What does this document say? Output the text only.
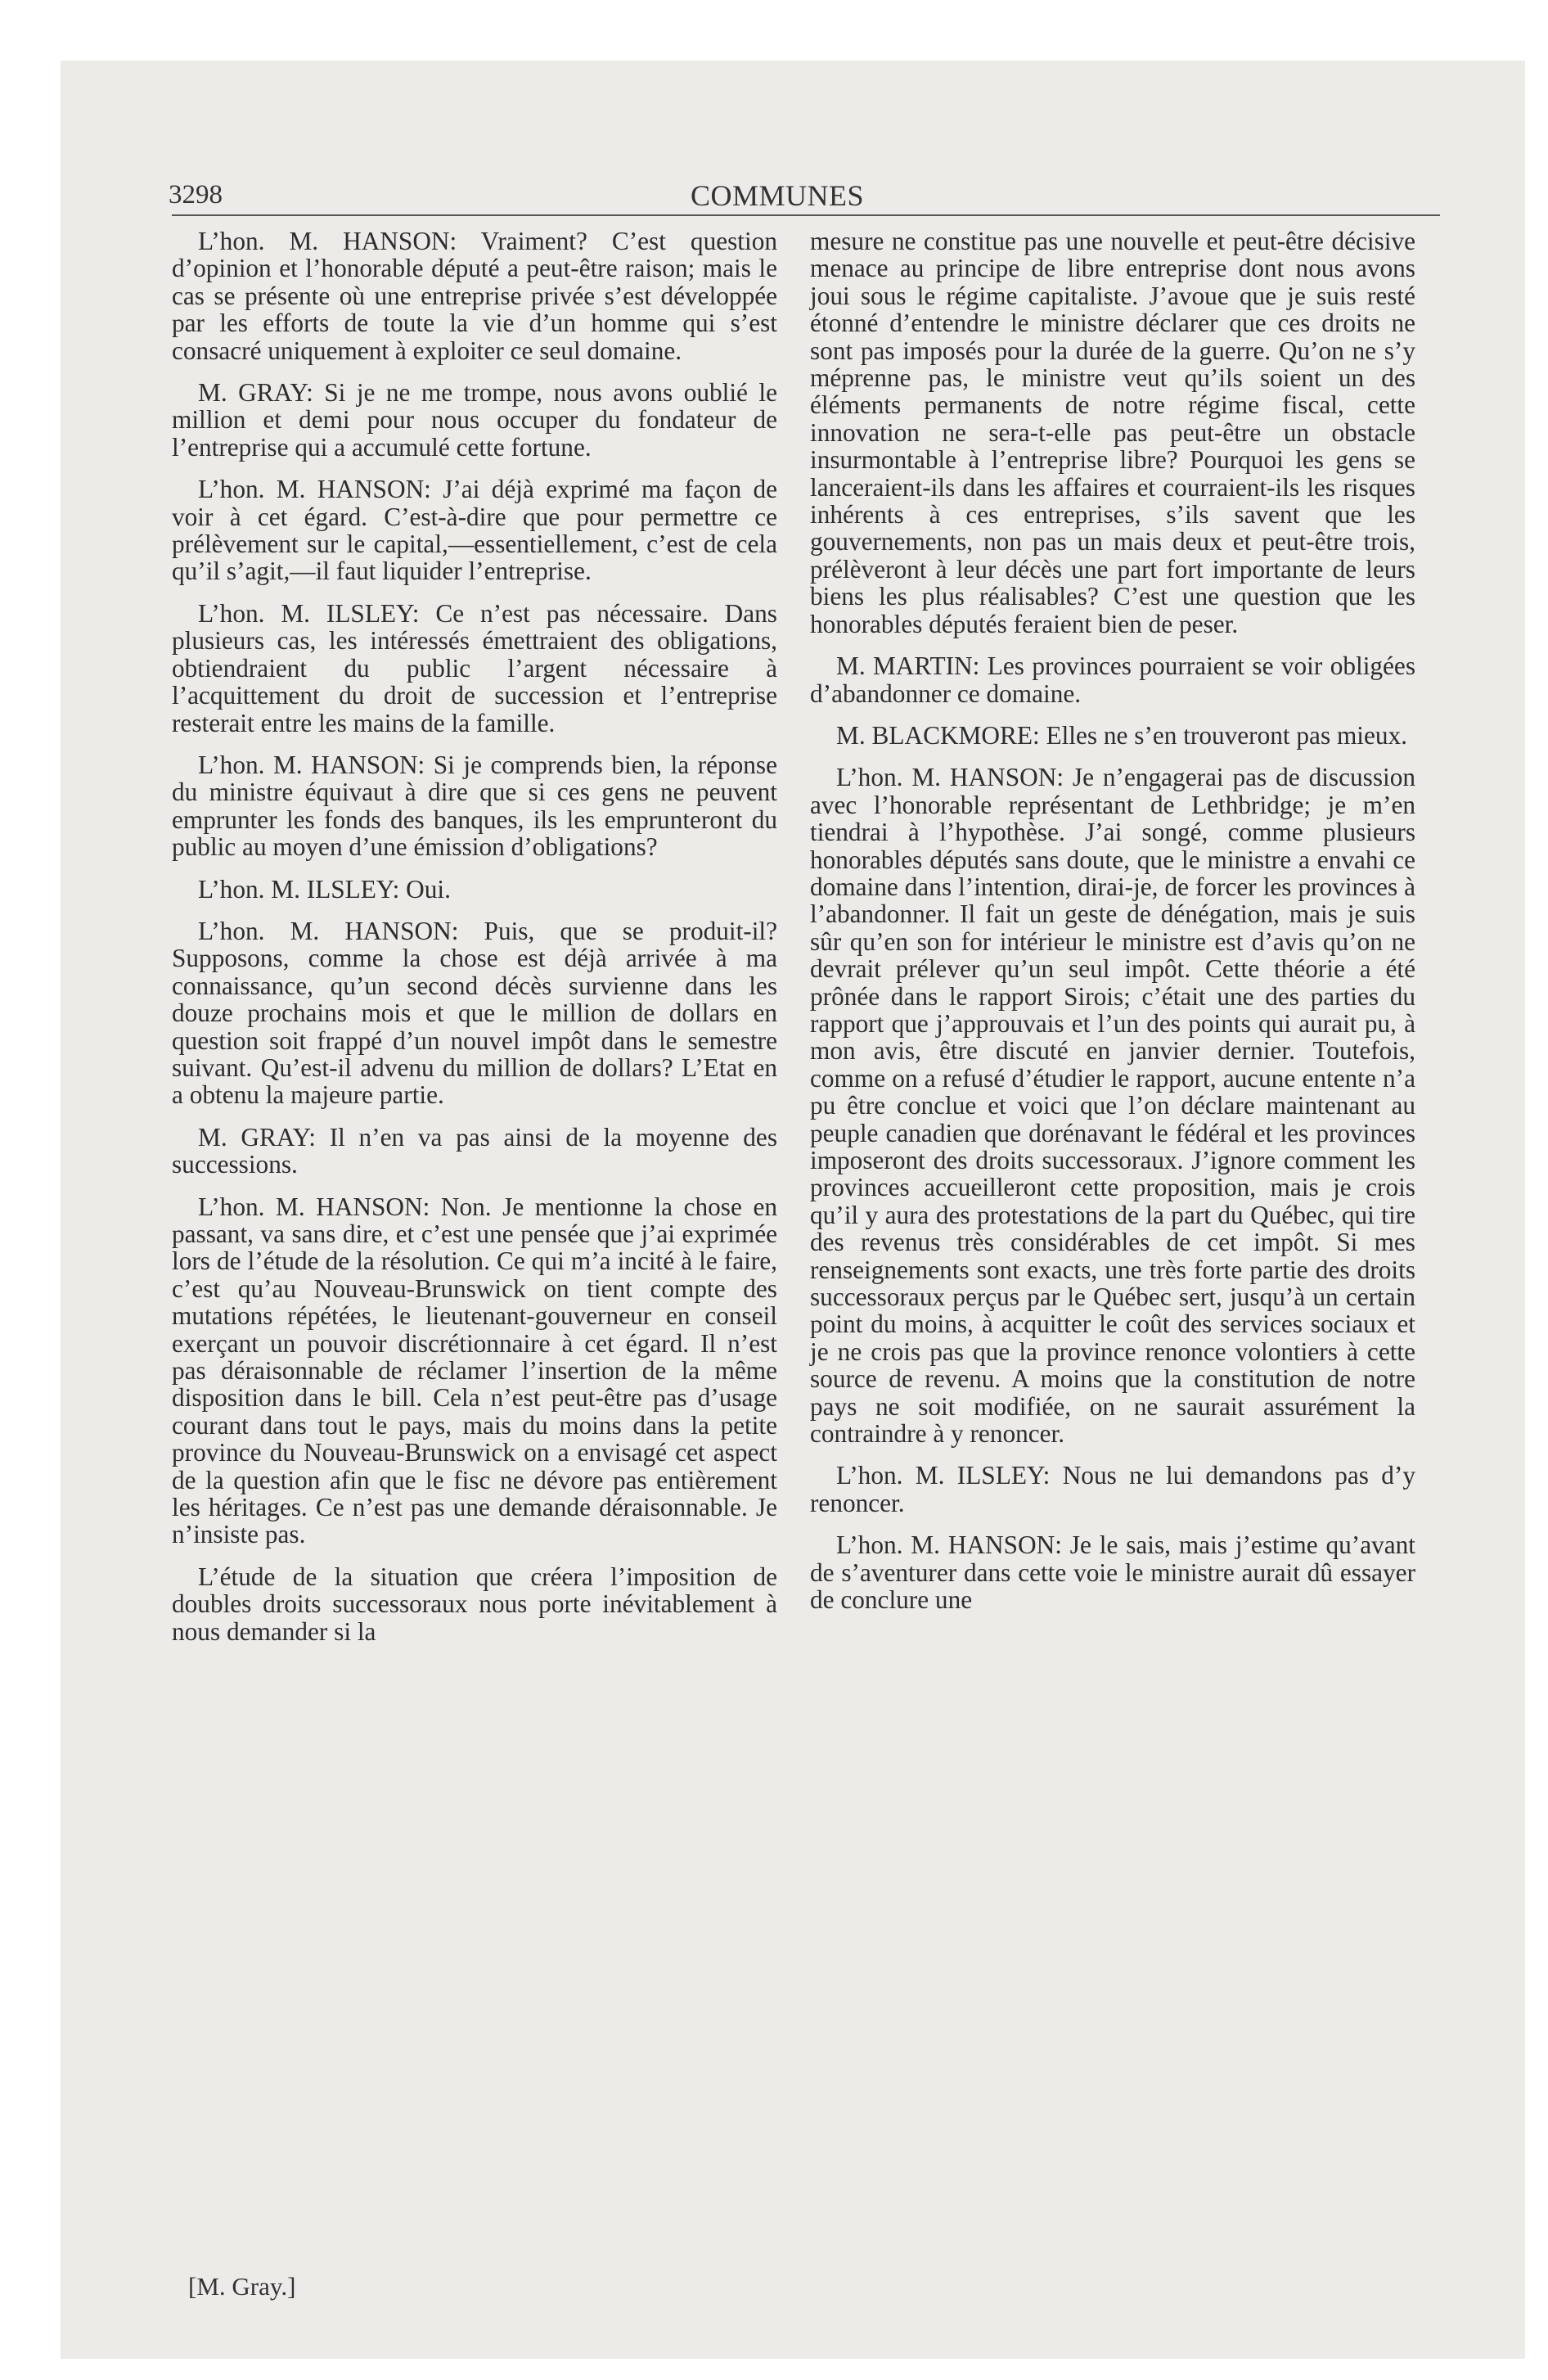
3298	COMMUNES

L’hon. M. HANSON: Vraiment? C’est question d’opinion et l’honorable député a peut-être raison; mais le cas se présente où une entreprise privée s’est développée par les efforts de toute la vie d’un homme qui s’est consacré uniquement à exploiter ce seul domaine.

M. GRAY: Si je ne me trompe, nous avons oublié le million et demi pour nous occuper du fondateur de l’entreprise qui a accumulé cette fortune.

L’hon. M. HANSON: J’ai déjà exprimé ma façon de voir à cet égard. C’est-à-dire que pour permettre ce prélèvement sur le capital,—essentiellement, c’est de cela qu’il s’agit,—il faut liquider l’entreprise.

L’hon. M. ILSLEY: Ce n’est pas nécessaire. Dans plusieurs cas, les intéressés émettraient des obligations, obtiendraient du public l’argent nécessaire à l’acquittement du droit de succession et l’entreprise resterait entre les mains de la famille.

L’hon. M. HANSON: Si je comprends bien, la réponse du ministre équivaut à dire que si ces gens ne peuvent emprunter les fonds des banques, ils les emprunteront du public au moyen d’une émission d’obligations?

L’hon. M. ILSLEY: Oui.

L’hon. M. HANSON: Puis, que se produit-il? Supposons, comme la chose est déjà arrivée à ma connaissance, qu’un second décès survienne dans les douze prochains mois et que le million de dollars en question soit frappé d’un nouvel impôt dans le semestre suivant. Qu’est-il advenu du million de dollars? L’Etat en a obtenu la majeure partie.

M. GRAY: Il n’en va pas ainsi de la moyenne des successions.

L’hon. M. HANSON: Non. Je mentionne la chose en passant, va sans dire, et c’est une pensée que j’ai exprimée lors de l’étude de la résolution. Ce qui m’a incité à le faire, c’est qu’au Nouveau-Brunswick on tient compte des mutations répétées, le lieutenant-gouverneur en conseil exerçant un pouvoir discrétionnaire à cet égard. Il n’est pas déraisonnable de réclamer l’insertion de la même disposition dans le bill. Cela n’est peut-être pas d’usage courant dans tout le pays, mais du moins dans la petite province du Nouveau-Brunswick on a envisagé cet aspect de la question afin que le fisc ne dévore pas entièrement les héritages. Ce n’est pas une demande déraisonnable. Je n’insiste pas.

L’étude de la situation que créera l’imposition de doubles droits successoraux nous porte inévitablement à nous demander si la

mesure ne constitue pas une nouvelle et peut-être décisive menace au principe de libre entreprise dont nous avons joui sous le régime capitaliste. J’avoue que je suis resté étonné d’entendre le ministre déclarer que ces droits ne sont pas imposés pour la durée de la guerre. Qu’on ne s’y méprenne pas, le ministre veut qu’ils soient un des éléments permanents de notre régime fiscal, cette innovation ne sera-t-elle pas peut-être un obstacle insurmontable à l’entreprise libre? Pourquoi les gens se lanceraient-ils dans les affaires et courraient-ils les risques inhérents à ces entreprises, s’ils savent que les gouvernements, non pas un mais deux et peut-être trois, prélèveront à leur décès une part fort importante de leurs biens les plus réalisables? C’est une question que les honorables députés feraient bien de peser.

M. MARTIN: Les provinces pourraient se voir obligées d’abandonner ce domaine.

M. BLACKMORE: Elles ne s’en trouveront pas mieux.

L’hon. M. HANSON: Je n’engagerai pas de discussion avec l’honorable représentant de Lethbridge; je m’en tiendrai à l’hypothèse. J’ai songé, comme plusieurs honorables députés sans doute, que le ministre a envahi ce domaine dans l’intention, dirai-je, de forcer les provinces à l’abandonner. Il fait un geste de dénégation, mais je suis sûr qu’en son for intérieur le ministre est d’avis qu’on ne devrait prélever qu’un seul impôt. Cette théorie a été prônée dans le rapport Sirois; c’était une des parties du rapport que j’approuvais et l’un des points qui aurait pu, à mon avis, être discuté en janvier dernier. Toutefois, comme on a refusé d’étudier le rapport, aucune entente n’a pu être conclue et voici que l’on déclare maintenant au peuple canadien que dorénavant le fédéral et les provinces imposeront des droits successoraux. J’ignore comment les provinces accueilleront cette proposition, mais je crois qu’il y aura des protestations de la part du Québec, qui tire des revenus très considérables de cet impôt. Si mes renseignements sont exacts, une très forte partie des droits successoraux perçus par le Québec sert, jusqu’à un certain point du moins, à acquitter le coût des services sociaux et je ne crois pas que la province renonce volontiers à cette source de revenu. A moins que la constitution de notre pays ne soit modifiée, on ne saurait assurément la contraindre à y renoncer.

L’hon. M. ILSLEY: Nous ne lui demandons pas d’y renoncer.

L’hon. M. HANSON: Je le sais, mais j’estime qu’avant de s’aventurer dans cette voie le ministre aurait dû essayer de conclure une

[M. Gray.]
